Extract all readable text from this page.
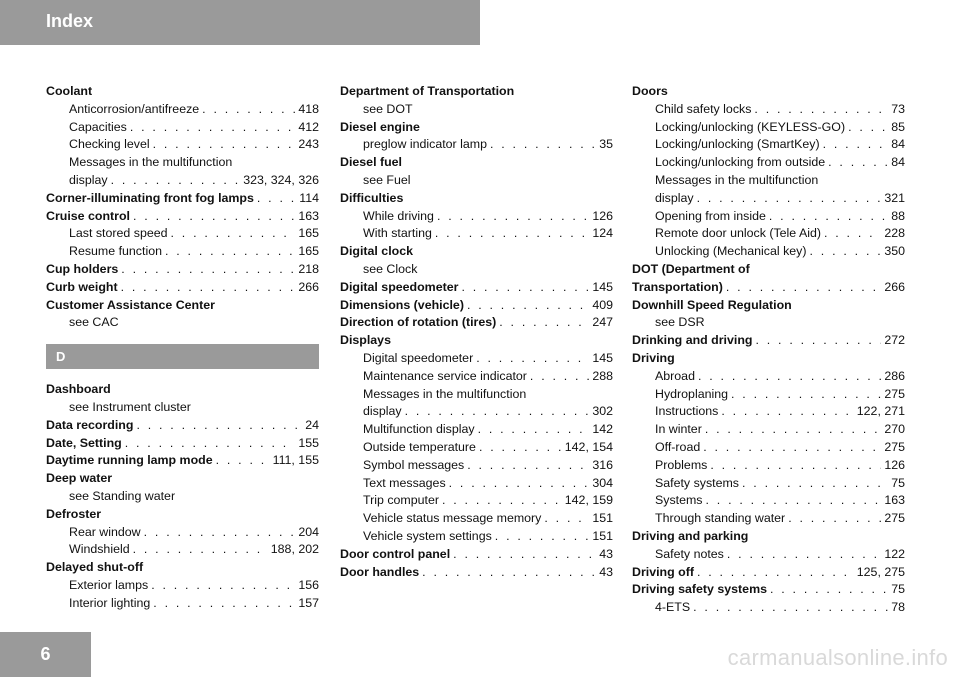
Index
Coolant
Anticorrosion/antifreeze . . .	418
Capacities . . .	412
Checking level . . .	243
Messages in the multifunction
display . . .	323, 324, 326
Corner-illuminating front fog lamps . . .	114
Cruise control . . .	163
Last stored speed . . .	165
Resume function . . .	165
Cup holders . . .	218
Curb weight . . .	266
Customer Assistance Center
see CAC
D
Dashboard
see Instrument cluster
Data recording . . .	24
Date, Setting . . .	155
Daytime running lamp mode . . .	111, 155
Deep water
see Standing water
Defroster
Rear window . . .	204
Windshield . . .	188, 202
Delayed shut-off
Exterior lamps . . .	156
Interior lighting . . .	157
Department of Transportation
see DOT
Diesel engine
preglow indicator lamp . . .	35
Diesel fuel
see Fuel
Difficulties
While driving . . .	126
With starting . . .	124
Digital clock
see Clock
Digital speedometer . . .	145
Dimensions (vehicle) . . .	409
Direction of rotation (tires) . . .	247
Displays
Digital speedometer . . .	145
Maintenance service indicator . . .	288
Messages in the multifunction
display . . .	302
Multifunction display . . .	142
Outside temperature . . .	142, 154
Symbol messages . . .	316
Text messages . . .	304
Trip computer . . .	142, 159
Vehicle status message memory . . .	151
Vehicle system settings . . .	151
Door control panel . . .	43
Door handles . . .	43
Doors
Child safety locks . . .	73
Locking/unlocking (KEYLESS-GO) . . .	85
Locking/unlocking (SmartKey) . . .	84
Locking/unlocking from outside . . .	84
Messages in the multifunction
display . . .	321
Opening from inside . . .	88
Remote door unlock (Tele Aid) . . .	228
Unlocking (Mechanical key) . . .	350
DOT (Department of
Transportation) . . .	266
Downhill Speed Regulation
see DSR
Drinking and driving . . .	272
Driving
Abroad . . .	286
Hydroplaning . . .	275
Instructions . . .	122, 271
In winter . . .	270
Off-road . . .	275
Problems . . .	126
Safety systems . . .	75
Systems . . .	163
Through standing water . . .	275
Driving and parking
Safety notes . . .	122
Driving off . . .	125, 275
Driving safety systems . . .	75
4-ETS . . .	78
6	carmanualsonline.info
